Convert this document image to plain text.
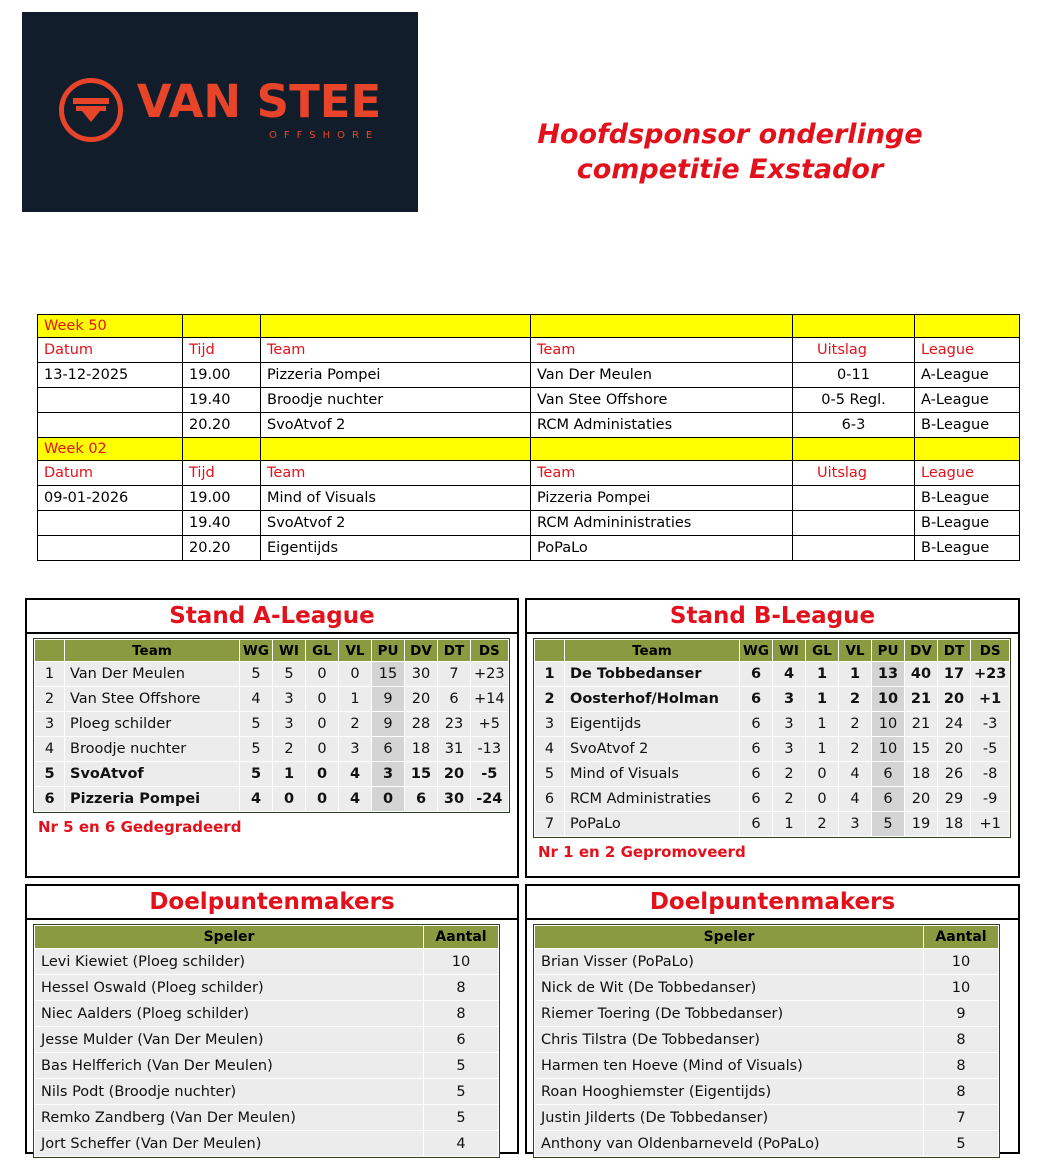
VAN STEE
OFFSHORE	Hoofdsponsor onderlinge
competitie Exstador
Week 50					
Datum	Tijd	Team	Team	Uitslag	League
13-12-2025	19.00	Pizzeria Pompei	Van Der Meulen	0-11	A-League
	19.40	Broodje nuchter	Van Stee Offshore	0-5 Regl.	A-League
	20.20	SvoAtvof 2	RCM Administaties	6-3	B-League
Week 02					
Datum	Tijd	Team	Team	Uitslag	League
09-01-2026	19.00	Mind of Visuals	Pizzeria Pompei		B-League
	19.40	SvoAtvof 2	RCM Admininistraties		B-League
	20.20	Eigentijds	PoPaLo		B-League
Stand A-League
	Team	WG	WI	GL	VL	PU	DV	DT	DS
1	Van Der Meulen	5	5	0	0	15	30	7	+23
2	Van Stee Offshore	4	3	0	1	9	20	6	+14
3	Ploeg schilder	5	3	0	2	9	28	23	+5
4	Broodje nuchter	5	2	0	3	6	18	31	-13
5	SvoAtvof	5	1	0	4	3	15	20	-5
6	Pizzeria Pompei	4	0	0	4	0	6	30	-24
Nr 5 en 6 Gedegradeerd
Stand B-League
	Team	WG	WI	GL	VL	PU	DV	DT	DS
1	De Tobbedanser	6	4	1	1	13	40	17	+23
2	Oosterhof/Holman	6	3	1	2	10	21	20	+1
3	Eigentijds	6	3	1	2	10	21	24	-3
4	SvoAtvof 2	6	3	1	2	10	15	20	-5
5	Mind of Visuals	6	2	0	4	6	18	26	-8
6	RCM Administraties	6	2	0	4	6	20	29	-9
7	PoPaLo	6	1	2	3	5	19	18	+1
Nr 1 en 2 Gepromoveerd
Doelpuntenmakers
Speler	Aantal
Levi Kiewiet (Ploeg schilder)	10
Hessel Oswald (Ploeg schilder)	8
Niec Aalders (Ploeg schilder)	8
Jesse Mulder (Van Der Meulen)	6
Bas Helfferich (Van Der Meulen)	5
Nils Podt (Broodje nuchter)	5
Remko Zandberg (Van Der Meulen)	5
Jort Scheffer (Van Der Meulen)	4
Doelpuntenmakers
Speler	Aantal
Brian Visser (PoPaLo)	10
Nick de Wit (De Tobbedanser)	10
Riemer Toering (De Tobbedanser)	9
Chris Tilstra (De Tobbedanser)	8
Harmen ten Hoeve (Mind of Visuals)	8
Roan Hooghiemster (Eigentijds)	8
Justin Jilderts (De Tobbedanser)	7
Anthony van Oldenbarneveld (PoPaLo)	5
